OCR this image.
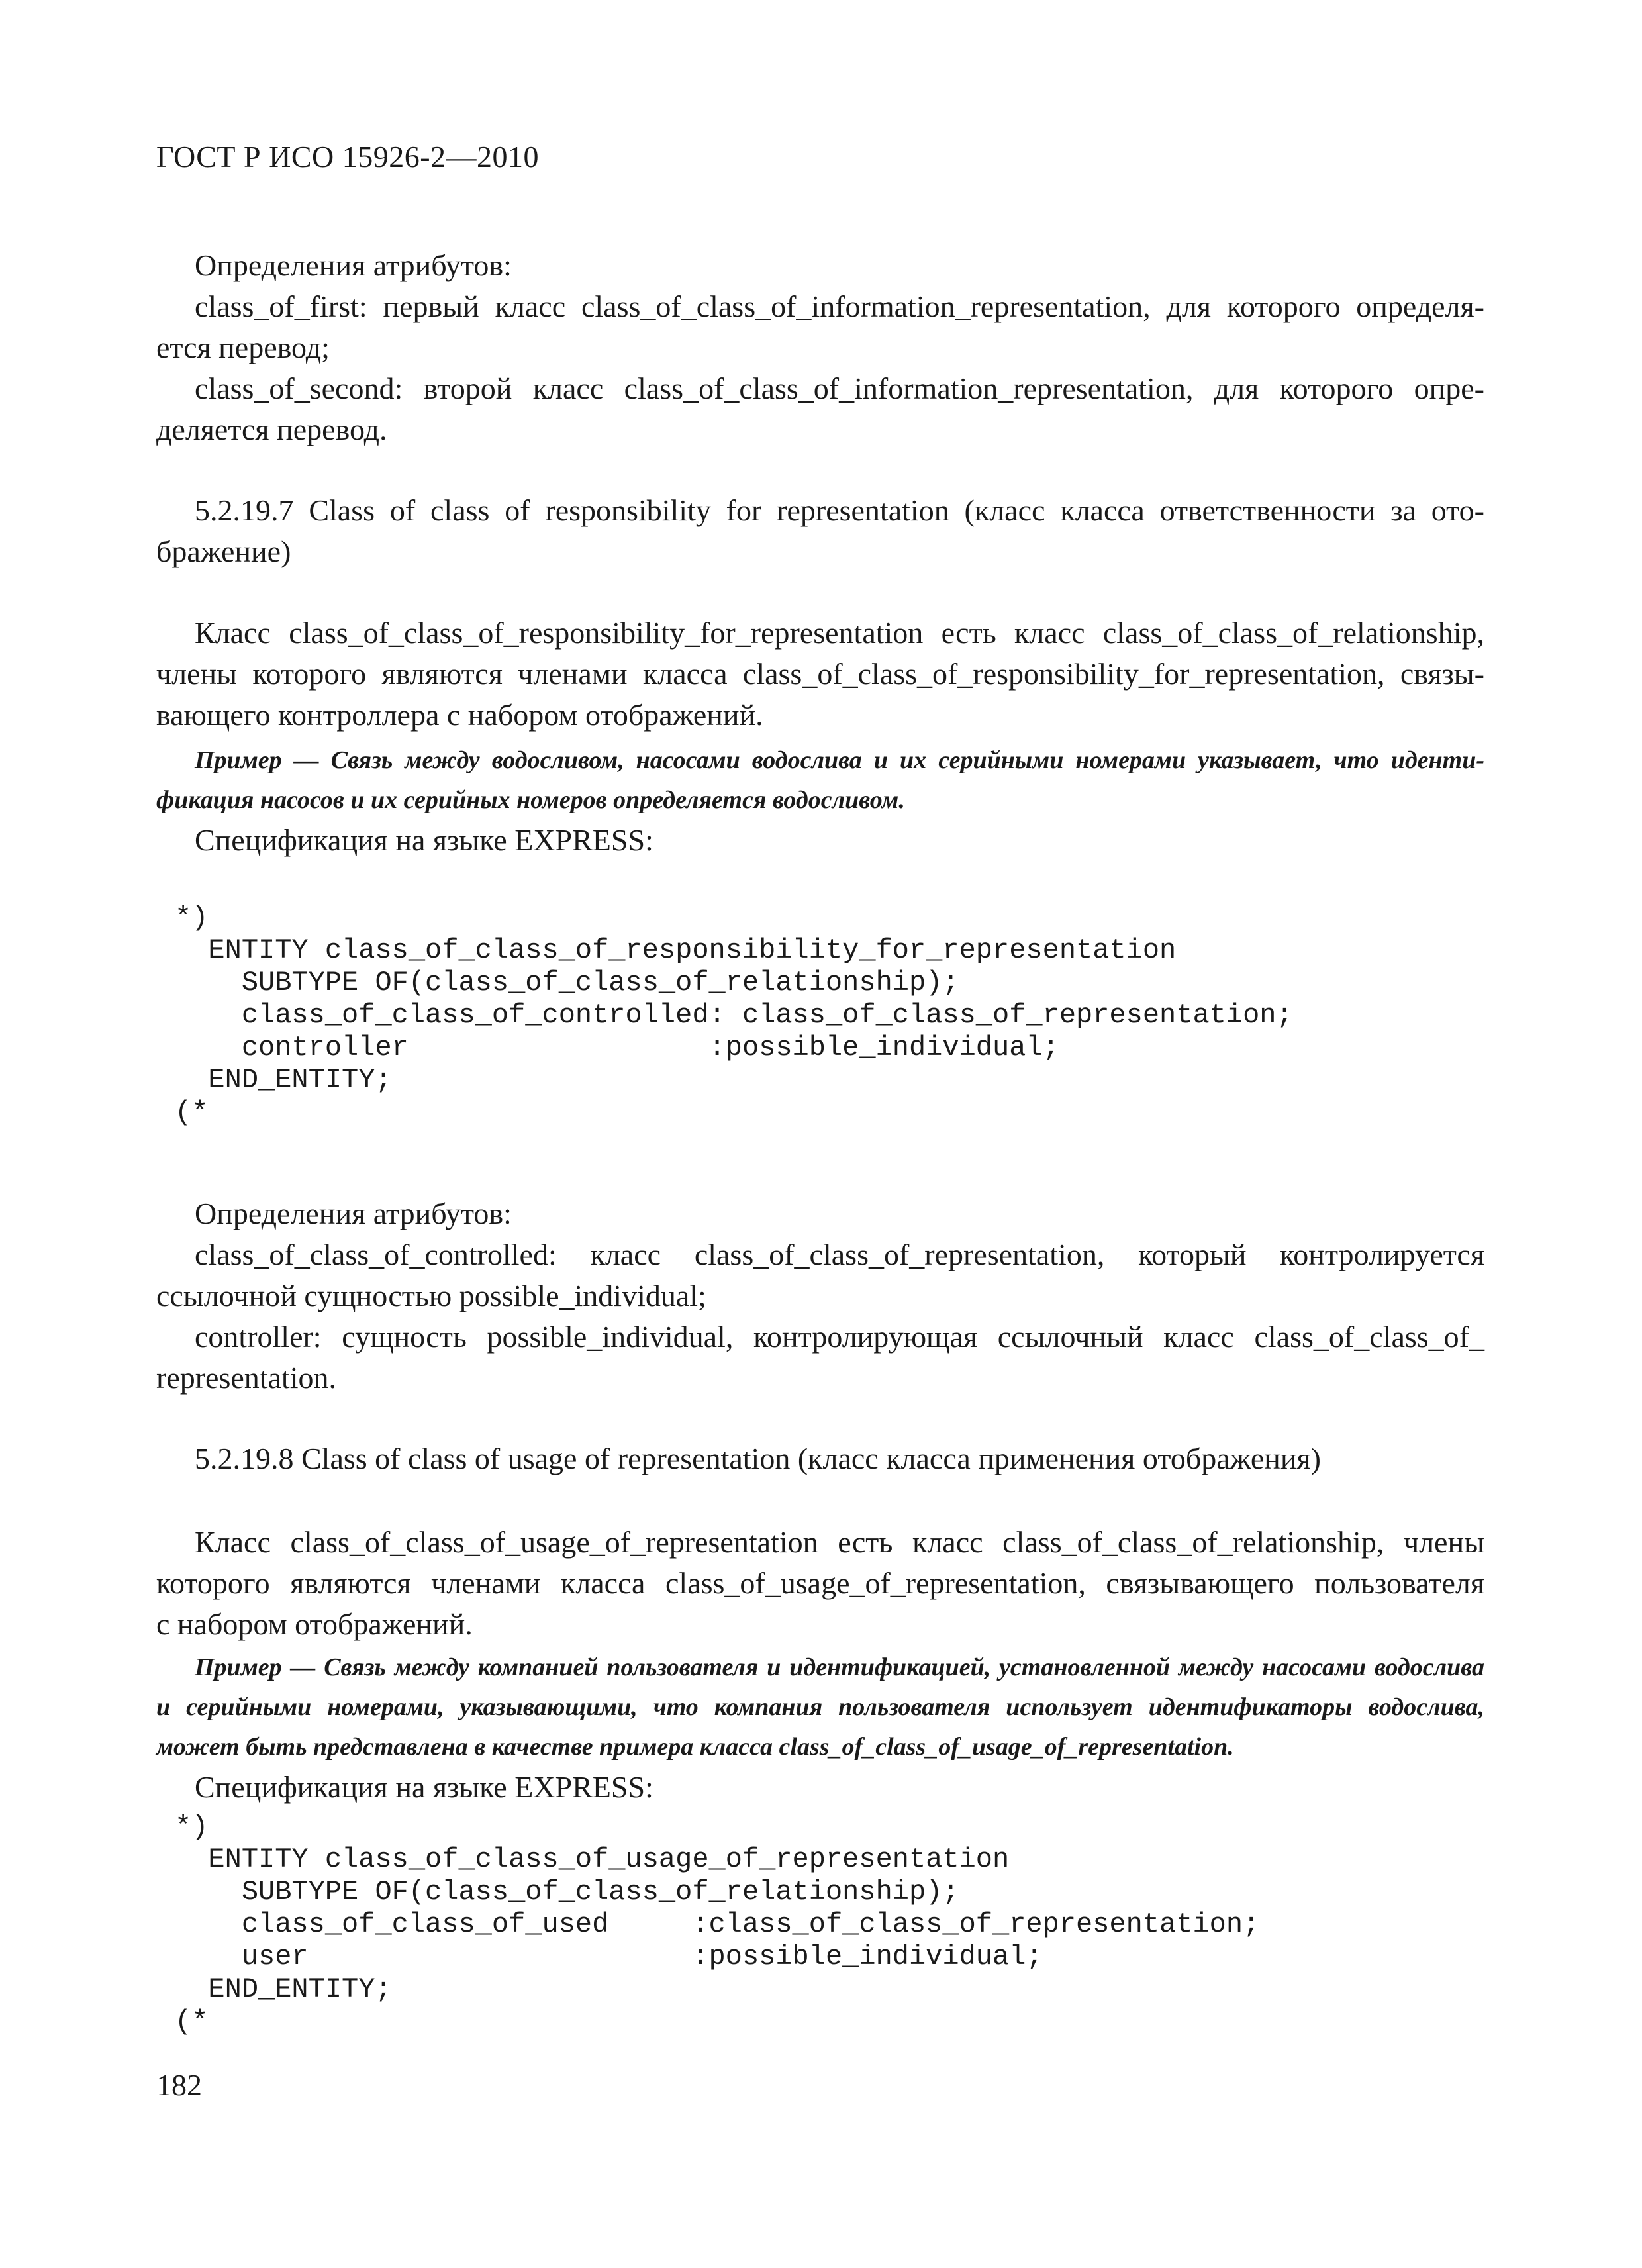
ГОСТ Р ИСО 15926-2—2010
Определения атрибутов:
class_of_first: первый класс class_of_class_of_information_representation, для которого определя-
ется перевод;
class_of_second: второй класс class_of_class_of_information_representation, для которого опре-
деляется перевод.
5.2.19.7 Class of class of responsibility for representation (класс класса ответственности за ото-
бражение)
Класс class_of_class_of_responsibility_for_representation есть класс class_of_class_of_relationship,
члены которого являются членами класса class_of_class_of_responsibility_for_representation, связы-
вающего контроллера с набором отображений.
Пример — Связь между водосливом, насосами водослива и их серийными номерами указывает, что иденти-
фикация насосов и их серийных номеров определяется водосливом.
Спецификация на языке EXPRESS:
*)
ENTITY class_of_class_of_responsibility_for_representation
SUBTYPE OF(class_of_class_of_relationship);
class_of_class_of_controlled: class_of_class_of_representation;
controller                  :possible_individual;
END_ENTITY;
(*
Определения атрибутов:
class_of_class_of_controlled: класс class_of_class_of_representation, который контролируется
ссылочной сущностью possible_individual;
controller: сущность possible_individual, контролирующая ссылочный класс class_of_class_of_
representation.
5.2.19.8 Class of class of usage of representation (класс класса применения отображения)
Класс class_of_class_of_usage_of_representation есть класс class_of_class_of_relationship, члены
которого являются членами класса class_of_usage_of_representation, связывающего пользователя
с набором отображений.
Пример — Связь между компанией пользователя и идентификацией, установленной между насосами водослива
и серийными номерами, указывающими, что компания пользователя использует идентификаторы водослива,
может быть представлена в качестве примера класса class_of_class_of_usage_of_representation.
Спецификация на языке EXPRESS:
*)
ENTITY class_of_class_of_usage_of_representation
SUBTYPE OF(class_of_class_of_relationship);
class_of_class_of_used     :class_of_class_of_representation;
user                       :possible_individual;
END_ENTITY;
(*
182
